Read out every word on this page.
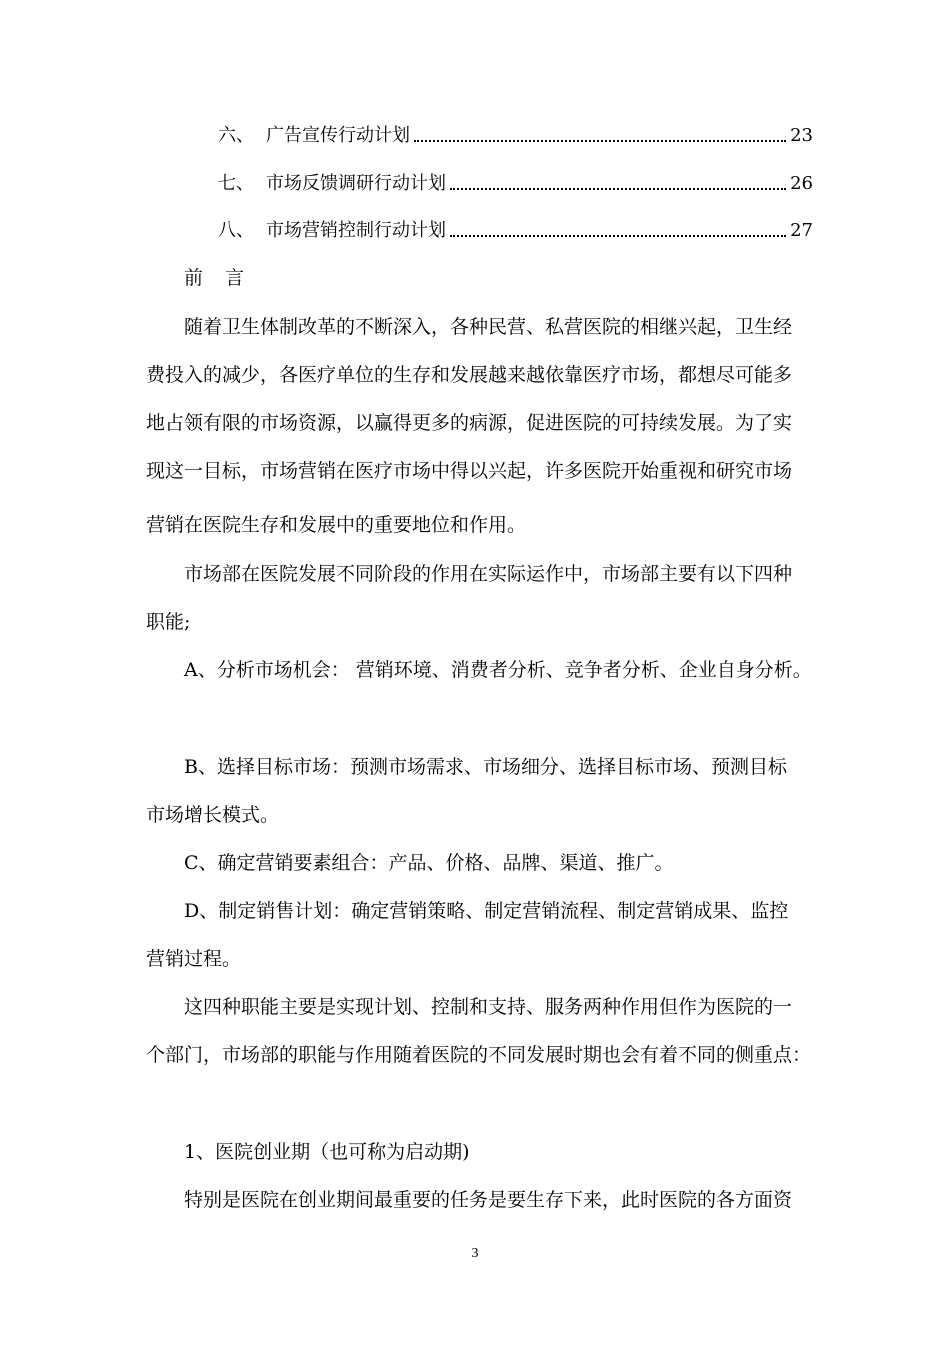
六、 广告宣传行动计划	23
七、 市场反馈调研行动计划	26
八、 市场营销控制行动计划	27
前言
随着卫生体制改革的不断深入，各种民营、私营医院的相继兴起，卫生经
费投入的减少，各医疗单位的生存和发展越来越依靠医疗市场，都想尽可能多
地占领有限的市场资源，以赢得更多的病源，促进医院的可持续发展。为了实
现这一目标，市场营销在医疗市场中得以兴起，许多医院开始重视和研究市场
营销在医院生存和发展中的重要地位和作用。
市场部在医院发展不同阶段的作用在实际运作中，市场部主要有以下四种
职能;
A、分析市场机会： 营销环境、消费者分析、竞争者分析、企业自身分析。
B、选择目标市场：预测市场需求、市场细分、选择目标市场、预测目标
市场增长模式。
C、确定营销要素组合：产品、价格、品牌、渠道、推广。
D、制定销售计划：确定营销策略、制定营销流程、制定营销成果、监控
营销过程。
这四种职能主要是实现计划、控制和支持、服务两种作用但作为医院的一
个部门，市场部的职能与作用随着医院的不同发展时期也会有着不同的侧重点：
1、医院创业期（也可称为启动期)
特别是医院在创业期间最重要的任务是要生存下来，此时医院的各方面资
3
